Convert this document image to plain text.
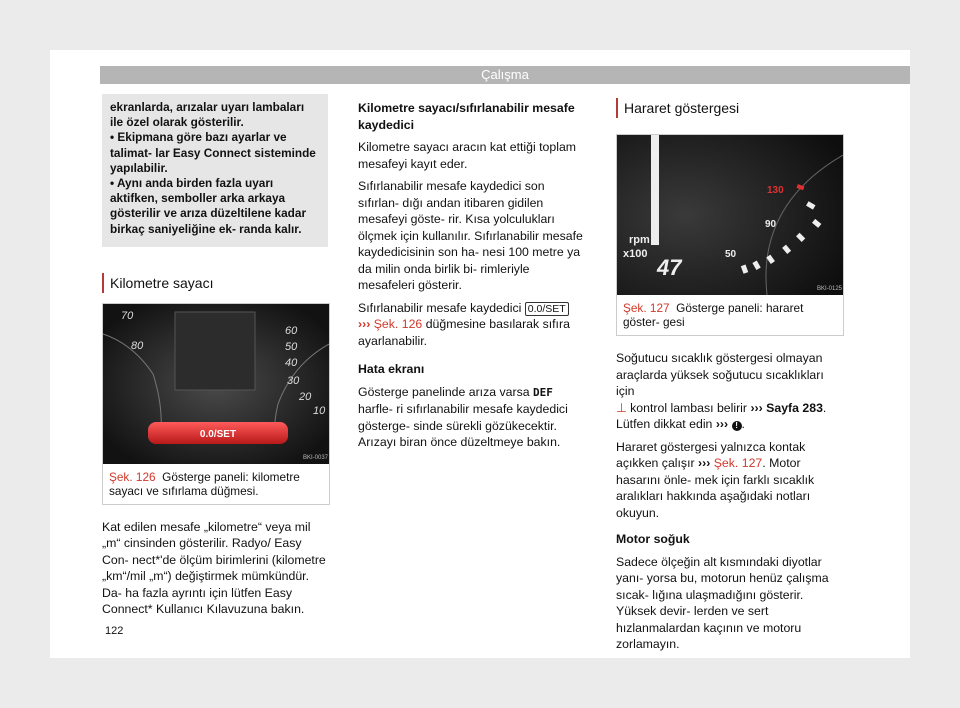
Çalışma

ekranlarda, arızalar uyarı lambaları ile özel olarak gösterilir.

• Ekipmana göre bazı ayarlar ve talimat- lar Easy Connect sisteminde yapılabilir.

• Aynı anda birden fazla uyarı aktifken, semboller arka arkaya gösterilir ve arıza düzeltilene kadar birkaç saniyeliğine ek- randa kalır.

Kilometre sayacı
70
80
60
50
40
30
20
10
0.0/SET
BKI-0037
Şek. 126 Gösterge paneli: kilometre sayacı ve sıfırlama düğmesi.

Kat edilen mesafe „kilometre“ veya mil „m“ cinsinden gösterilir. Radyo/ Easy Con- nect*'de ölçüm birimlerini (kilometre „km“/mil „m“) değiştirmek mümkündür. Da- ha fazla ayrıntı için lütfen Easy Connect* Kullanıcı Kılavuzuna bakın.

Kilometre sayacı/sıfırlanabilir mesafe kaydedici

Kilometre sayacı aracın kat ettiği toplam mesafeyi kayıt eder.

Sıfırlanabilir mesafe kaydedici son sıfırlan- dığı andan itibaren gidilen mesafeyi göste- rir. Kısa yolculukları ölçmek için kullanılır. Sıfırlanabilir mesafe kaydedicisinin son ha- nesi 100 metre ya da milin onda birlik bi- rimleriyle mesafeleri gösterir.

Sıfırlanabilir mesafe kaydedici 0.0/SET
››› Şek. 126 düğmesine basılarak sıfıra ayarlanabilir.

Hata ekranı

Gösterge panelinde arıza varsa DEF harfle- ri sıfırlanabilir mesafe kaydedici gösterge- sinde sürekli gözükecektir. Arızayı biran önce düzeltmeye bakın.

Hararet göstergesi
rpm
x100
47
130
90
50
BKI-0125
Şek. 127 Gösterge paneli: hararet göster- gesi

Soğutucu sıcaklık göstergesi olmayan araçlarda yüksek soğutucu sıcaklıkları için
⊥ kontrol lambası belirir ››› Sayfa 283. Lütfen dikkat edin ››› ! .

Hararet göstergesi yalnızca kontak açıkken çalışır ››› Şek. 127. Motor hasarını önle- mek için farklı sıcaklık aralıkları hakkında aşağıdaki notları okuyun.

Motor soğuk

Sadece ölçeğin alt kısmındaki diyotlar yanı- yorsa bu, motorun henüz çalışma sıcak- lığına ulaşmadığını gösterir. Yüksek devir- lerden ve sert hızlanmalardan kaçının ve motoru zorlamayın.

122
